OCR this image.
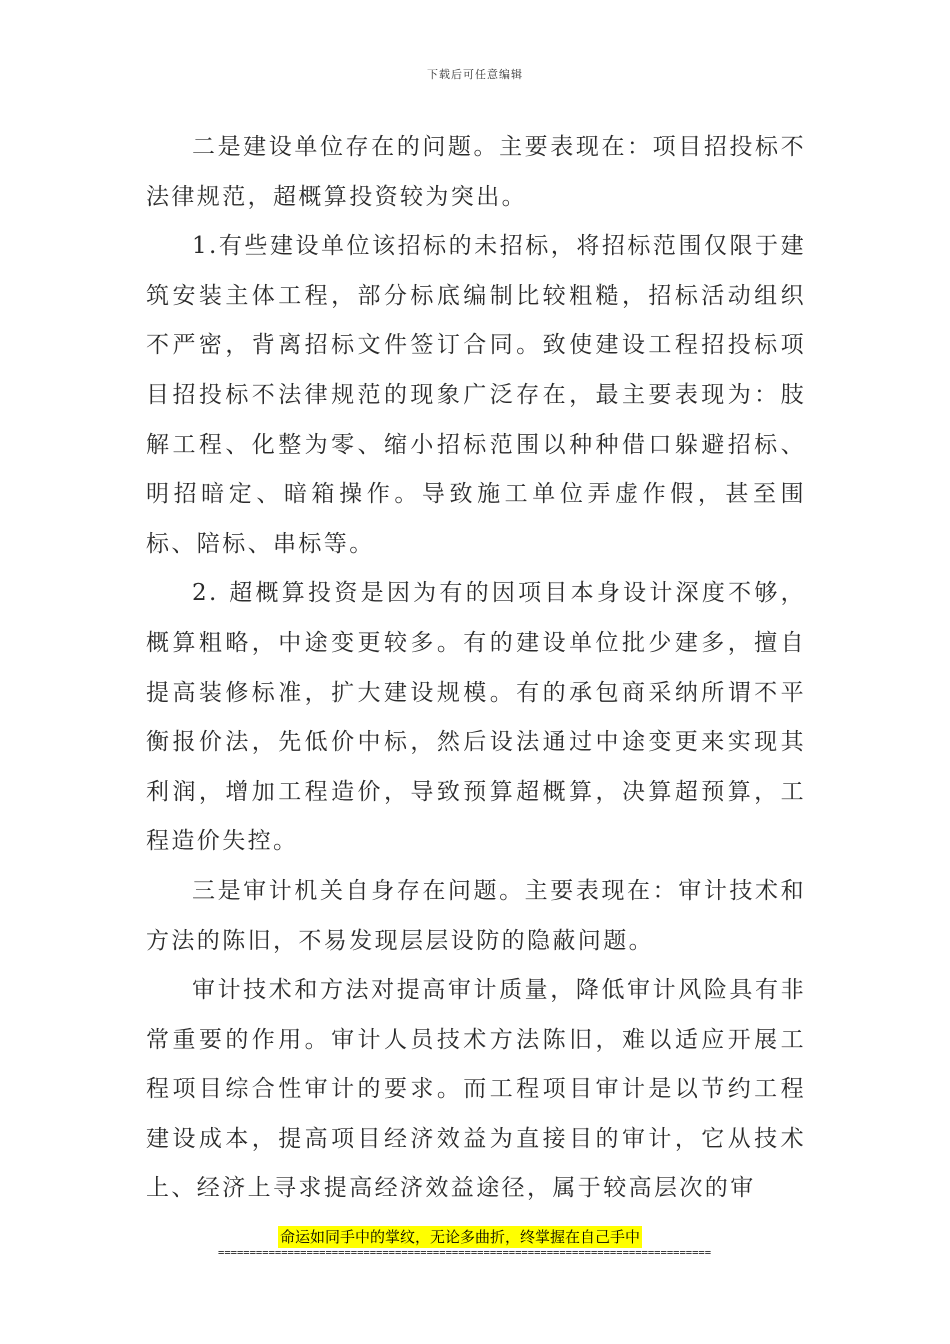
下载后可任意编辑

二是建设单位存在的问题。主要表现在：项目招投标不法律规范，超概算投资较为突出。

1.有些建设单位该招标的未招标，将招标范围仅限于建筑安装主体工程，部分标底编制比较粗糙，招标活动组织不严密，背离招标文件签订合同。致使建设工程招投标项目招投标不法律规范的现象广泛存在，最主要表现为：肢解工程、化整为零、缩小招标范围以种种借口躲避招标、明招暗定、暗箱操作。导致施工单位弄虚作假，甚至围标、陪标、串标等。

2. 超概算投资是因为有的因项目本身设计深度不够，概算粗略，中途变更较多。有的建设单位批少建多，擅自提高装修标准，扩大建设规模。有的承包商采纳所谓不平衡报价法，先低价中标，然后设法通过中途变更来实现其利润，增加工程造价，导致预算超概算，决算超预算，工程造价失控。

三是审计机关自身存在问题。主要表现在：审计技术和方法的陈旧，不易发现层层设防的隐蔽问题。

审计技术和方法对提高审计质量，降低审计风险具有非常重要的作用。审计人员技术方法陈旧，难以适应开展工程项目综合性审计的要求。而工程项目审计是以节约工程建设成本，提高项目经济效益为直接目的审计，它从技术上、经济上寻求提高经济效益途径，属于较高层次的审

命运如同手中的掌纹，无论多曲折，终掌握在自己手中
==============================================================================
